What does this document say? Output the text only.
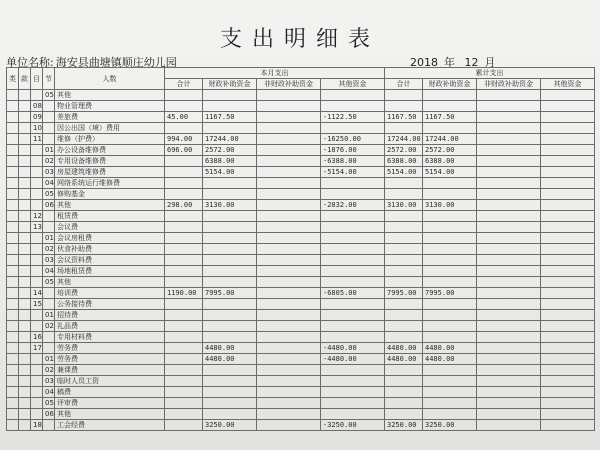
支出明细表
单位名称: 海安县曲塘镇顺庄幼儿园	2018 年 12 月
类	款	目	节	人数	本月支出				累计支出			
					合计	财政补助资金	非财政补助资金	其他资金	合计	财政补助资金	非财政补助资金	其他资金
			05	其他								
		08		物业管理费								
		09		差旅费	45.00	1167.50		-1122.50	1167.50	1167.50		
		10		因公出国（境）费用								
		11		维修（护费）	994.00	17244.00		-16250.00	17244.00	17244.00		
			01	办公设备维修费	696.00	2572.00		-1876.00	2572.00	2572.00		
			02	专用设备维修费		6388.00		-6388.00	6388.00	6388.00		
			03	房屋建筑维修费		5154.00		-5154.00	5154.00	5154.00		
			04	网络系统运行维修费								
			05	修购基金								
			06	其他	298.00	3130.00		-2832.00	3130.00	3130.00		
		12		租赁费								
		13		会议费								
			01	会议房租费								
			02	伙食补助费								
			03	会议资料费								
			04	场地租赁费								
			05	其他								
		14		培训费	1190.00	7995.00		-6805.00	7995.00	7995.00		
		15		公务接待费								
			01	招待费								
			02	礼品费								
		16		专用材料费								
		17		劳务费		4480.00		-4480.00	4480.00	4480.00		
			01	劳务费		4480.00		-4480.00	4480.00	4480.00		
			02	兼课费								
			03	临时人员工资								
			04	稿费								
			05	评审费								
			06	其他								
		18		工会经费		3250.00		-3250.00	3250.00	3250.00		
